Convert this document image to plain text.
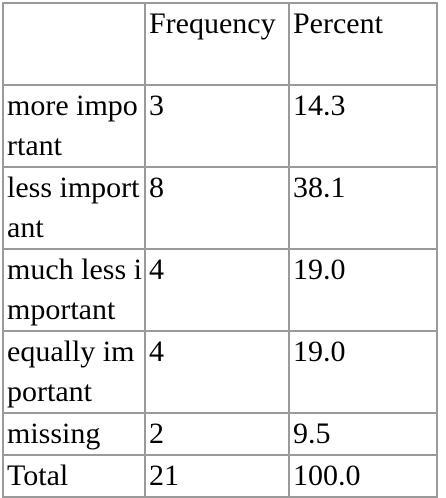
	Frequency	Percent
more important	3	14.3
less important	8	38.1
much less important	4	19.0
equally important	4	19.0
missing	2	9.5
Total	21	100.0
